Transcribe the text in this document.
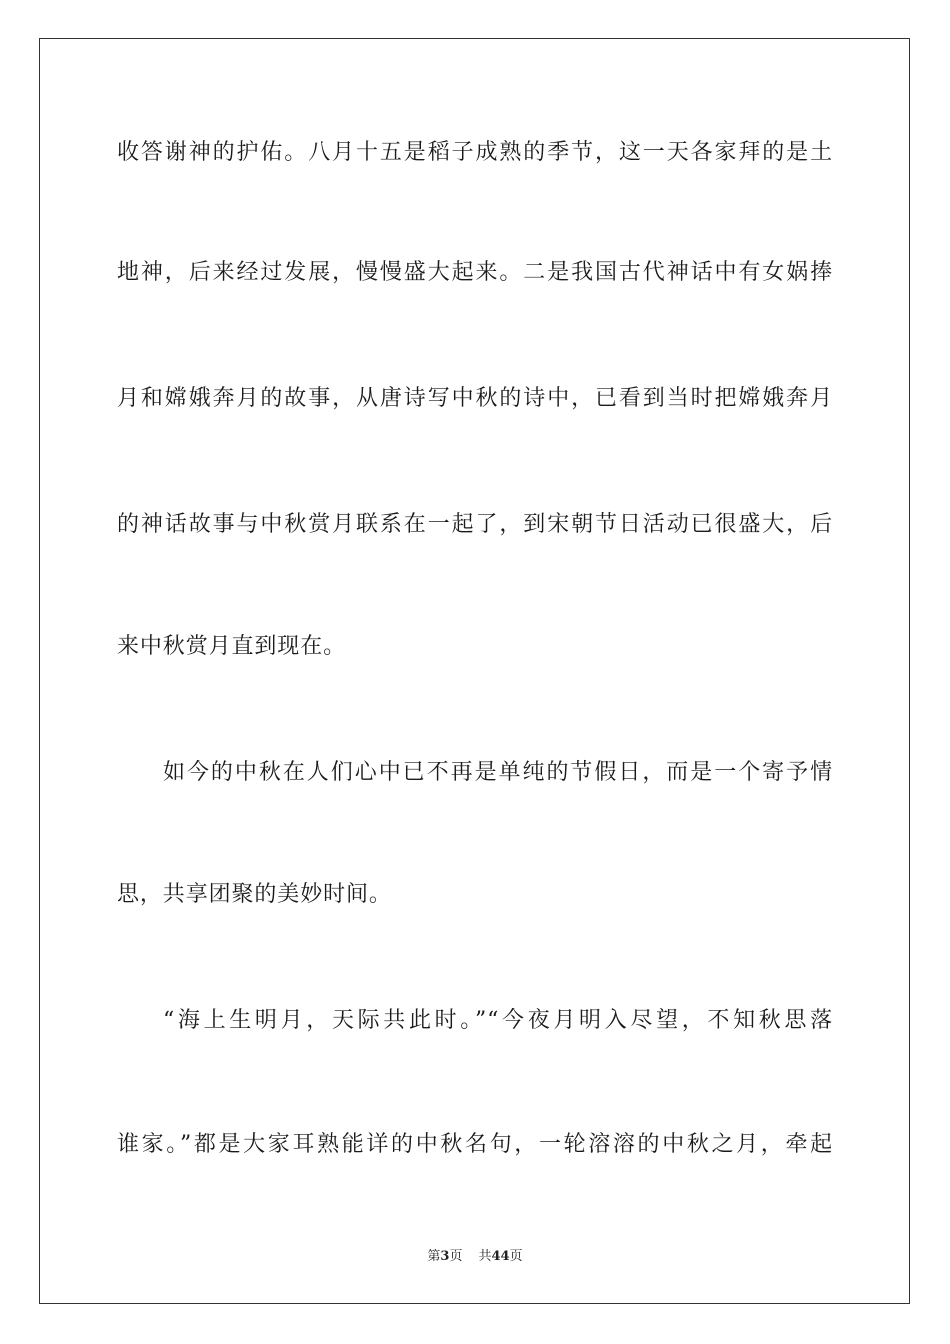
收答谢神的护佑。八月十五是稻子成熟的季节，这一天各家拜的是土
地神，后来经过发展，慢慢盛大起来。二是我国古代神话中有女娲捧
月和嫦娥奔月的故事，从唐诗写中秋的诗中，已看到当时把嫦娥奔月
的神话故事与中秋赏月联系在一起了，到宋朝节日活动已很盛大，后
来中秋赏月直到现在。
如今的中秋在人们心中已不再是单纯的节假日，而是一个寄予情
思，共享团聚的美妙时间。
“海上生明月，天际共此时。”“今夜月明入尽望，不知秋思落
谁家。”都是大家耳熟能详的中秋名句，一轮溶溶的中秋之月，牵起
第3页 共44页
